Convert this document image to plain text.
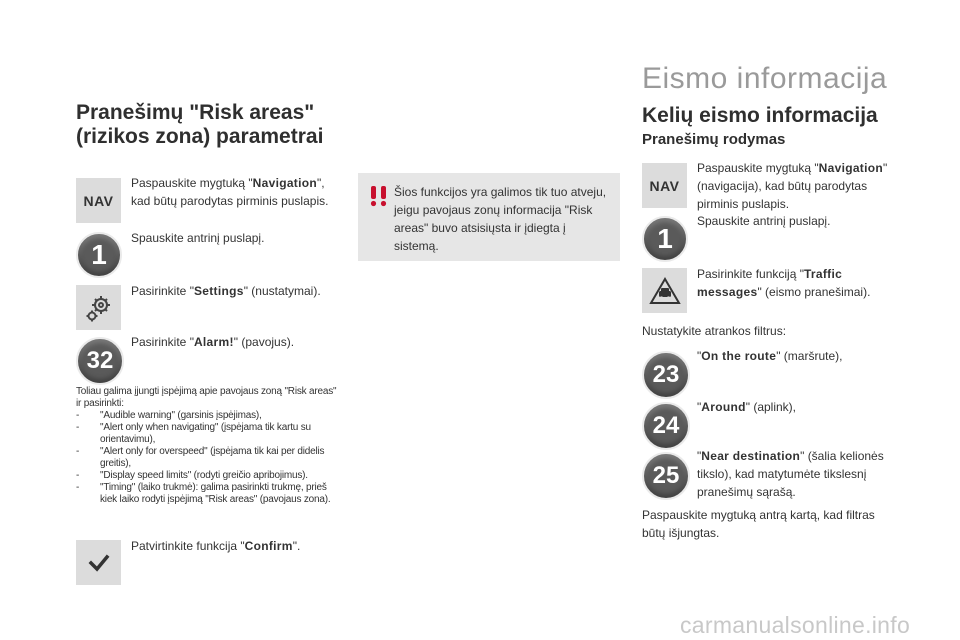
Eismo informacija
Pranešimų "Risk areas"
(rizikos zona) parametrai
NAV
Paspauskite mygtuką "Navigation", kad būtų parodytas pirminis puslapis.
1
Spauskite antrinį puslapį.
Pasirinkite "Settings" (nustatymai).
32
Pasirinkite "Alarm!" (pavojus).
Toliau galima įjungti įspėjimą apie pavojaus zoną "Risk areas" ir pasirinkti:
- "Audible warning" (garsinis įspėjimas),
- "Alert only when navigating" (įspėjama tik kartu su orientavimu),
- "Alert only for overspeed" (įspėjama tik kai per didelis greitis),
- "Display speed limits" (rodyti greičio apribojimus).
- "Timing" (laiko trukmė): galima pasirinkti trukmę, prieš kiek laiko rodyti įspėjimą "Risk areas" (pavojaus zona).
Patvirtinkite funkcija "Confirm".
Šios funkcijos yra galimos tik tuo atveju, jeigu pavojaus zonų informacija "Risk areas" buvo atsisiųsta ir įdiegta į sistemą.
Kelių eismo informacija
Pranešimų rodymas
NAV
Paspauskite mygtuką "Navigation" (navigacija), kad būtų parodytas pirminis puslapis.
1
Spauskite antrinį puslapį.
Pasirinkite funkciją "Traffic messages" (eismo pranešimai).
Nustatykite atrankos filtrus:
23
"On the route" (maršrute),
24
"Around" (aplink),
25
"Near destination" (šalia kelionės tikslo), kad matytumėte tikslesnį pranešimų sąrašą.
Paspauskite mygtuką antrą kartą, kad filtras būtų išjungtas.
carmanualsonline.info
